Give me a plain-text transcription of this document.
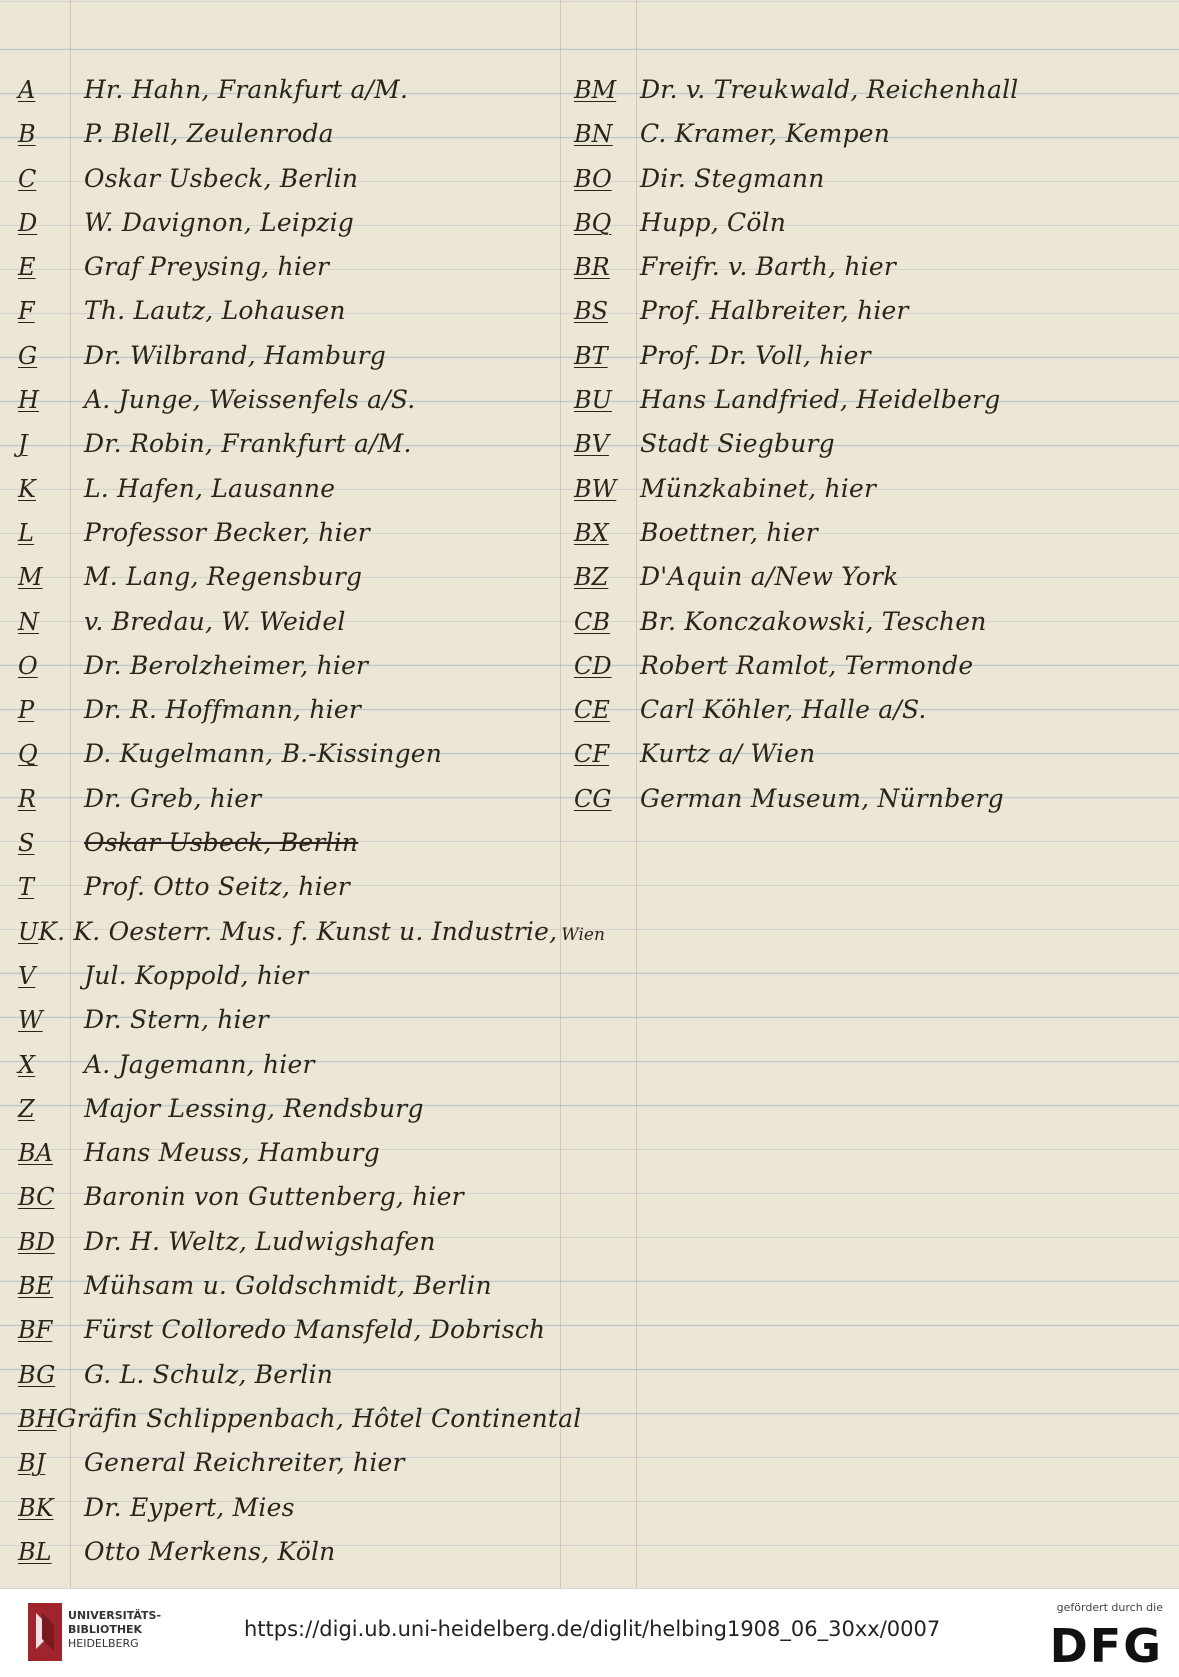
A	Hr. Hahn, Frankfurt a/M.
B	P. Blell, Zeulenroda
C	Oskar Usbeck, Berlin
D	W. Davignon, Leipzig
E	Graf Preysing, hier
F	Th. Lautz, Lohausen
G	Dr. Wilbrand, Hamburg
H	A. Junge, Weissenfels a/S.
J	Dr. Robin, Frankfurt a/M.
K	L. Hafen, Lausanne
L	Professor Becker, hier
M	M. Lang, Regensburg
N	v. Bredau, W. Weidel
O	Dr. Berolzheimer, hier
P	Dr. R. Hoffmann, hier
Q	D. Kugelmann, B.-Kissingen
R	Dr. Greb, hier
S	Oskar Usbeck, Berlin
T	Prof. Otto Seitz, hier
U K. K. Oesterr. Mus. f. Kunst u. Industrie, Wien
V	Jul. Koppold, hier
W	Dr. Stern, hier
X	A. Jagemann, hier
Z	Major Lessing, Rendsburg
BA	Hans Meuss, Hamburg
BC	Baronin von Guttenberg, hier
BD	Dr. H. Weltz, Ludwigshafen
BE	Mühsam u. Goldschmidt, Berlin
BF	Fürst Colloredo Mansfeld, Dobrisch
BG	G. L. Schulz, Berlin
BH Gräfin Schlippenbach, Hôtel Continental
BJ	General Reichreiter, hier
BK	Dr. Eypert, Mies
BL	Otto Merkens, Köln
BM Dr. v. Treukwald, Reichenhall
BN	C. Kramer, Kempen
BO	Dir. Stegmann
BQ	Hupp, Cöln
BR	Freifr. v. Barth, hier
BS	Prof. Halbreiter, hier
BT	Prof. Dr. Voll, hier
BU	Hans Landfried, Heidelberg
BV	Stadt Siegburg
BW Münzkabinet, hier
BX	Boettner, hier
BZ	D'Aquin a/New York
CB	Br. Konczakowski, Teschen
CD	Robert Ramlot, Termonde
CE	Carl Köhler, Halle a/S.
CF	Kurtz a/ Wien
CG	German Museum, Nürnberg
UNIVERSITÄTS-
BIBLIOTHEK
HEIDELBERG
https://digi.ub.uni-heidelberg.de/diglit/helbing1908_06_30xx/0007
gefördert durch die
DFG
